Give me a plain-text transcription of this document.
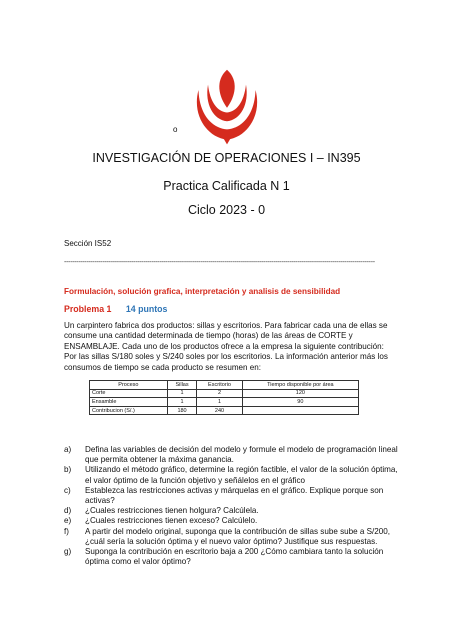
o
INVESTIGACIÓN DE OPERACIONES I – IN395
Practica Calificada N 1
Ciclo 2023 - 0
Sección IS52
---------------------------------------------------------------------------------------------------------------------------------------------------------
Formulación, solución grafica, interpretación y analisis de sensibilidad
Problema 1 14 puntos
Un carpintero fabrica dos productos: sillas y escritorios. Para fabricar cada una de ellas se consume una cantidad determinada de tiempo (horas) de las áreas de CORTE y ENSAMBLAJE. Cada uno de los productos ofrece a la empresa la siguiente contribución: Por las sillas S/180 soles y S/240 soles por los escritorios. La información anterior más los consumos de tiempo se cada producto se resumen en:
Proceso	Sillas	Escritorio	Tiempo disponible por área
Corte	1	2	120
Ensamble	1	1	90
Contribucion (S/.)	180	240	
a)	Defina las variables de decisión del modelo y formule el modelo de programación lineal que permita obtener la máxima ganancia.
b)	Utilizando el método gráfico, determine la región factible, el valor de la solución óptima, el valor óptimo de la función objetivo y señálelos en el gráfico
c)	Establezca las restricciones activas y márquelas en el gráfico. Explique porque son activas?
d)	¿Cuales restricciones tienen holgura? Calcúlela.
e)	¿Cuales restricciones tienen exceso? Calcúlelo.
f)	A partir del modelo original, suponga que la contribución de sillas sube sube a S/200, ¿cuál sería la solución óptima y el nuevo valor óptimo? Justifique sus respuestas.
g)	Suponga la contribución en escritorio baja a 200 ¿Cómo cambiara tanto la solución óptima como el valor óptimo?
